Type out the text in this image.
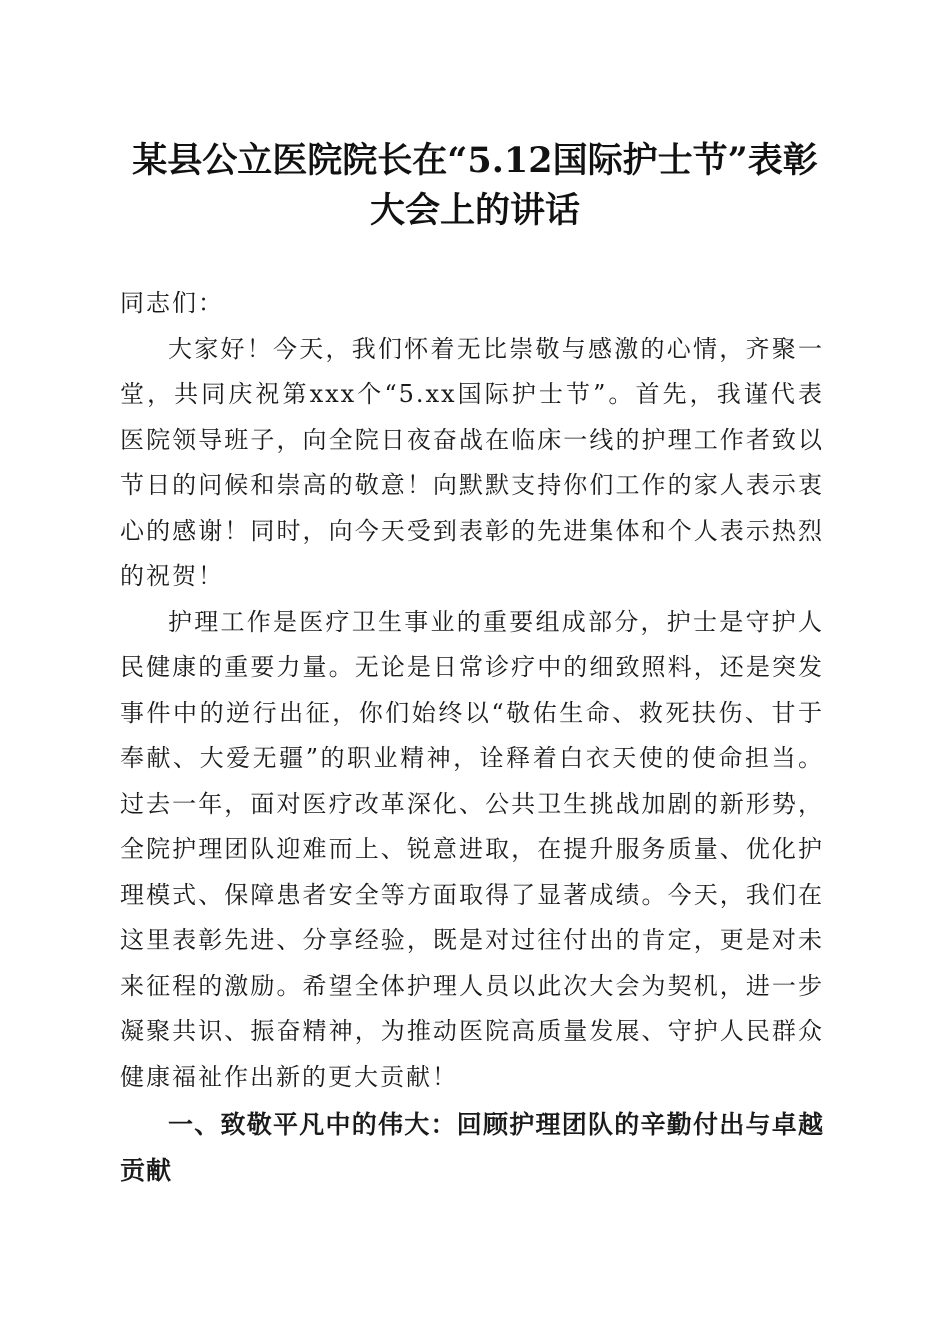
某县公立医院院长在“5.12国际护士节”表彰
大会上的讲话

同志们：

大家好！今天，我们怀着无比崇敬与感激的心情，齐聚一堂，共同庆祝第xxx个“5.xx国际护士节”。首先，我谨代表医院领导班子，向全院日夜奋战在临床一线的护理工作者致以节日的问候和崇高的敬意！向默默支持你们工作的家人表示衷心的感谢！同时，向今天受到表彰的先进集体和个人表示热烈的祝贺！

护理工作是医疗卫生事业的重要组成部分，护士是守护人民健康的重要力量。无论是日常诊疗中的细致照料，还是突发事件中的逆行出征，你们始终以“敬佑生命、救死扶伤、甘于奉献、大爱无疆”的职业精神，诠释着白衣天使的使命担当。过去一年，面对医疗改革深化、公共卫生挑战加剧的新形势，全院护理团队迎难而上、锐意进取，在提升服务质量、优化护理模式、保障患者安全等方面取得了显著成绩。今天，我们在这里表彰先进、分享经验，既是对过往付出的肯定，更是对未来征程的激励。希望全体护理人员以此次大会为契机，进一步凝聚共识、振奋精神，为推动医院高质量发展、守护人民群众健康福祉作出新的更大贡献！

一、致敬平凡中的伟大：回顾护理团队的辛勤付出与卓越贡献
